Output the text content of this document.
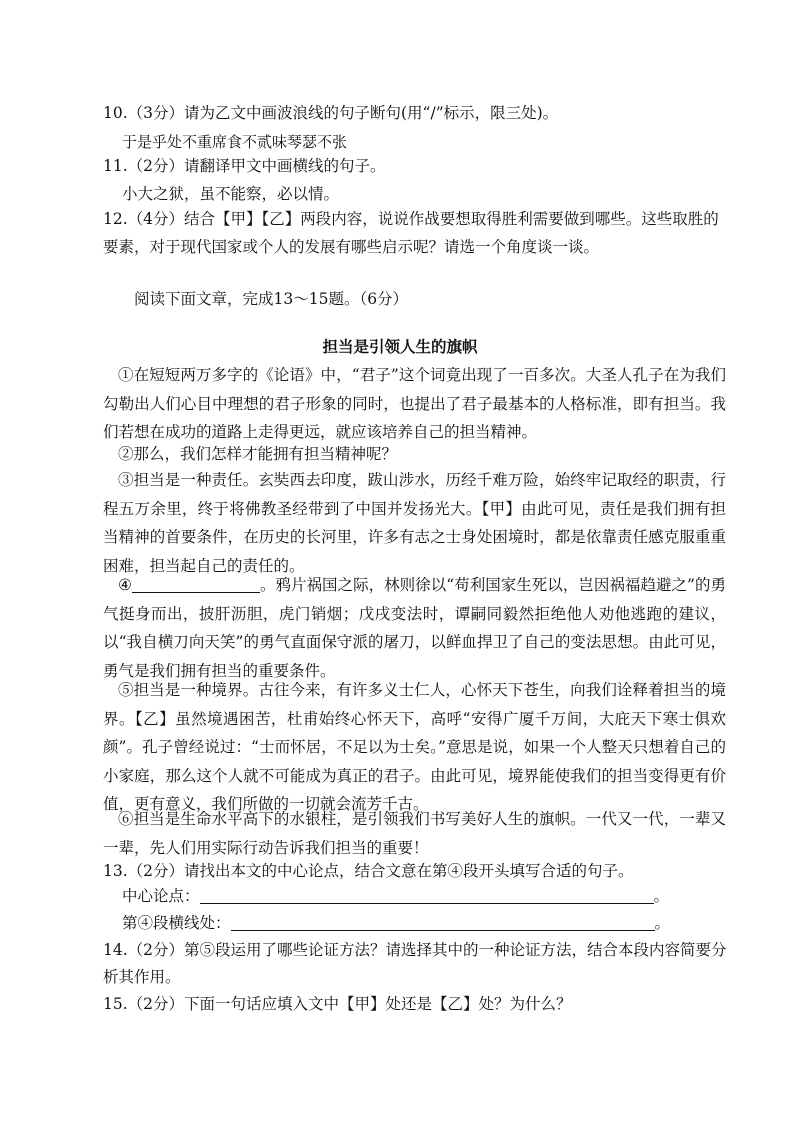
10.（3分）请为乙文中画波浪线的句子断句(用“/”标示，限三处)。
于是乎处不重席食不贰味琴瑟不张
11.（2分）请翻译甲文中画横线的句子。
小大之狱，虽不能察，必以情。
12.（4分）结合【甲】【乙】两段内容，说说作战要想取得胜利需要做到哪些。这些取胜的
要素，对于现代国家或个人的发展有哪些启示呢？请选一个角度谈一谈。
阅读下面文章，完成13～15题。（6分）
担当是引领人生的旗帜
①在短短两万多字的《论语》中，“君子”这个词竟出现了一百多次。大圣人孔子在为我们勾勒出人们心目中理想的君子形象的同时，也提出了君子最基本的人格标准，即有担当。我们若想在成功的道路上走得更远，就应该培养自己的担当精神。
②那么，我们怎样才能拥有担当精神呢？
③担当是一种责任。玄奘西去印度，跋山涉水，历经千难万险，始终牢记取经的职责，行程五万余里，终于将佛教圣经带到了中国并发扬光大。【甲】由此可见，责任是我们拥有担当精神的首要条件，在历史的长河里，许多有志之士身处困境时，都是依靠责任感克服重重困难，担当起自己的责任的。
④	。鸦片祸国之际，林则徐以“苟利国家生死以，岂因祸福趋避之”的勇气挺身而出，披肝沥胆，虎门销烟；戊戌变法时，谭嗣同毅然拒绝他人劝他逃跑的建议，以“我自横刀向天笑”的勇气直面保守派的屠刀，以鲜血捍卫了自己的变法思想。由此可见，勇气是我们拥有担当的重要条件。
⑤担当是一种境界。古往今来，有许多义士仁人，心怀天下苍生，向我们诠释着担当的境界。【乙】虽然境遇困苦，杜甫始终心怀天下，高呼“安得广厦千万间，大庇天下寒士俱欢颜”。孔子曾经说过：“士而怀居，不足以为士矣。”意思是说，如果一个人整天只想着自己的小家庭，那么这个人就不可能成为真正的君子。由此可见，境界能使我们的担当变得更有价值，更有意义，我们所做的一切就会流芳千古。
⑥担当是生命水平高下的水银柱，是引领我们书写美好人生的旗帜。一代又一代，一辈又一辈，先人们用实际行动告诉我们担当的重要！
13.（2分）请找出本文的中心论点，结合文意在第④段开头填写合适的句子。
中心论点：	。
第④段横线处：	。
14.（2分）第⑤段运用了哪些论证方法？请选择其中的一种论证方法，结合本段内容简要分
析其作用。
15.（2分）下面一句话应填入文中【甲】处还是【乙】处？为什么？
